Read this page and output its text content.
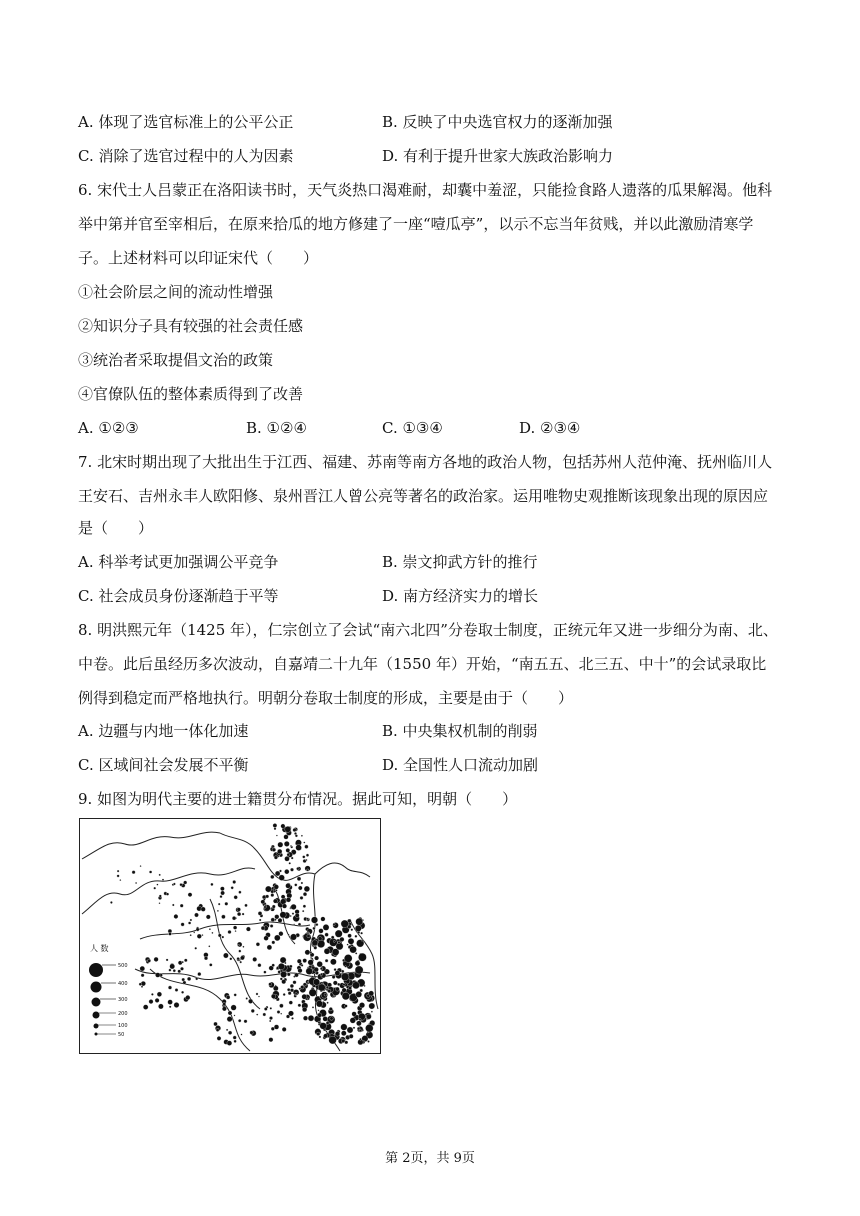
A. 体现了选官标准上的公平公正	B. 反映了中央选官权力的逐渐加强
C. 消除了选官过程中的人为因素	D. 有利于提升世家大族政治影响力
6. 宋代士人吕蒙正在洛阳读书时，天气炎热口渴难耐，却囊中羞涩，只能捡食路人遗落的瓜果解渴。他科
举中第并官至宰相后，在原来拾瓜的地方修建了一座“噎瓜亭”，以示不忘当年贫贱，并以此激励清寒学
子。上述材料可以印证宋代（　　）
①社会阶层之间的流动性增强
②知识分子具有较强的社会责任感
③统治者采取提倡文治的政策
④官僚队伍的整体素质得到了改善
A. ①②③	B. ①②④	C. ①③④	D. ②③④
7. 北宋时期出现了大批出生于江西、福建、苏南等南方各地的政治人物，包括苏州人范仲淹、抚州临川人
王安石、吉州永丰人欧阳修、泉州晋江人曾公亮等著名的政治家。运用唯物史观推断该现象出现的原因应
是（　　）
A. 科举考试更加强调公平竞争	B. 崇文抑武方针的推行
C. 社会成员身份逐渐趋于平等	D. 南方经济实力的增长
8. 明洪熙元年（1425 年），仁宗创立了会试“南六北四”分卷取士制度，正统元年又进一步细分为南、北、
中卷。此后虽经历多次波动，自嘉靖二十九年（1550 年）开始，“南五五、北三五、中十”的会试录取比
例得到稳定而严格地执行。明朝分卷取士制度的形成，主要是由于（　　）
A. 边疆与内地一体化加速	B. 中央集权机制的削弱
C. 区域间社会发展不平衡	D. 全国性人口流动加剧
9. 如图为明代主要的进士籍贯分布情况。据此可知，明朝（　　）
人 数
500
400
300
200
100
50
第 2页，共 9页
